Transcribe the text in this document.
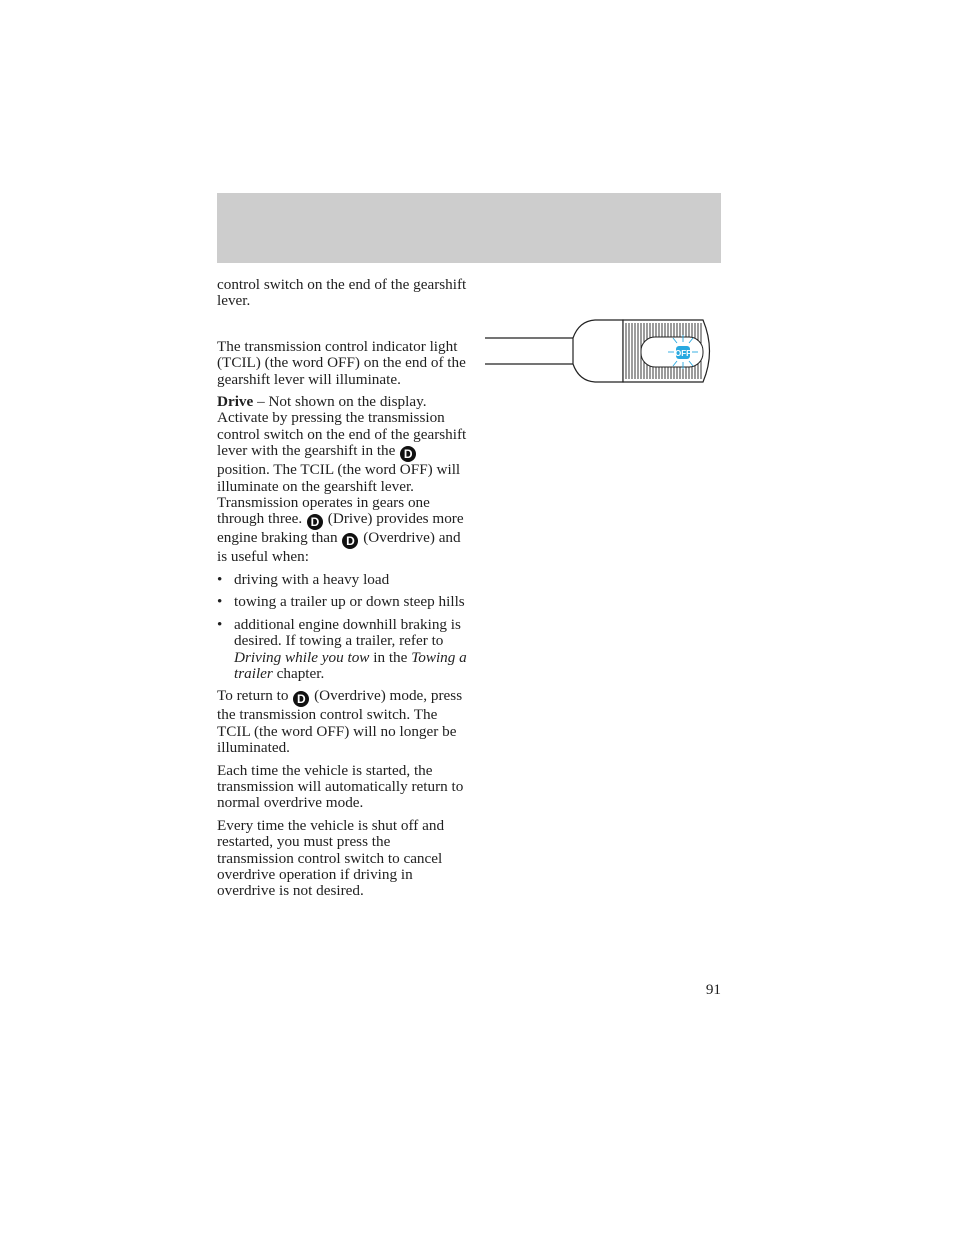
control switch on the end of the gearshift lever.

The transmission control indicator light (TCIL) (the word OFF) on the end of the gearshift lever will illuminate.

Drive – Not shown on the display. Activate by pressing the transmission control switch on the end of the gearshift lever with the gearshift in the D position. The TCIL (the word OFF) will illuminate on the gearshift lever. Transmission operates in gears one through three. D (Drive) provides more engine braking than D (Overdrive) and is useful when:

• driving with a heavy load
• towing a trailer up or down steep hills
• additional engine downhill braking is desired. If towing a trailer, refer to Driving while you tow in the Towing a trailer chapter.

To return to D (Overdrive) mode, press the transmission control switch. The TCIL (the word OFF) will no longer be illuminated.

Each time the vehicle is started, the transmission will automatically return to normal overdrive mode.

Every time the vehicle is shut off and restarted, you must press the transmission control switch to cancel overdrive operation if driving in overdrive is not desired.

OFF
91
